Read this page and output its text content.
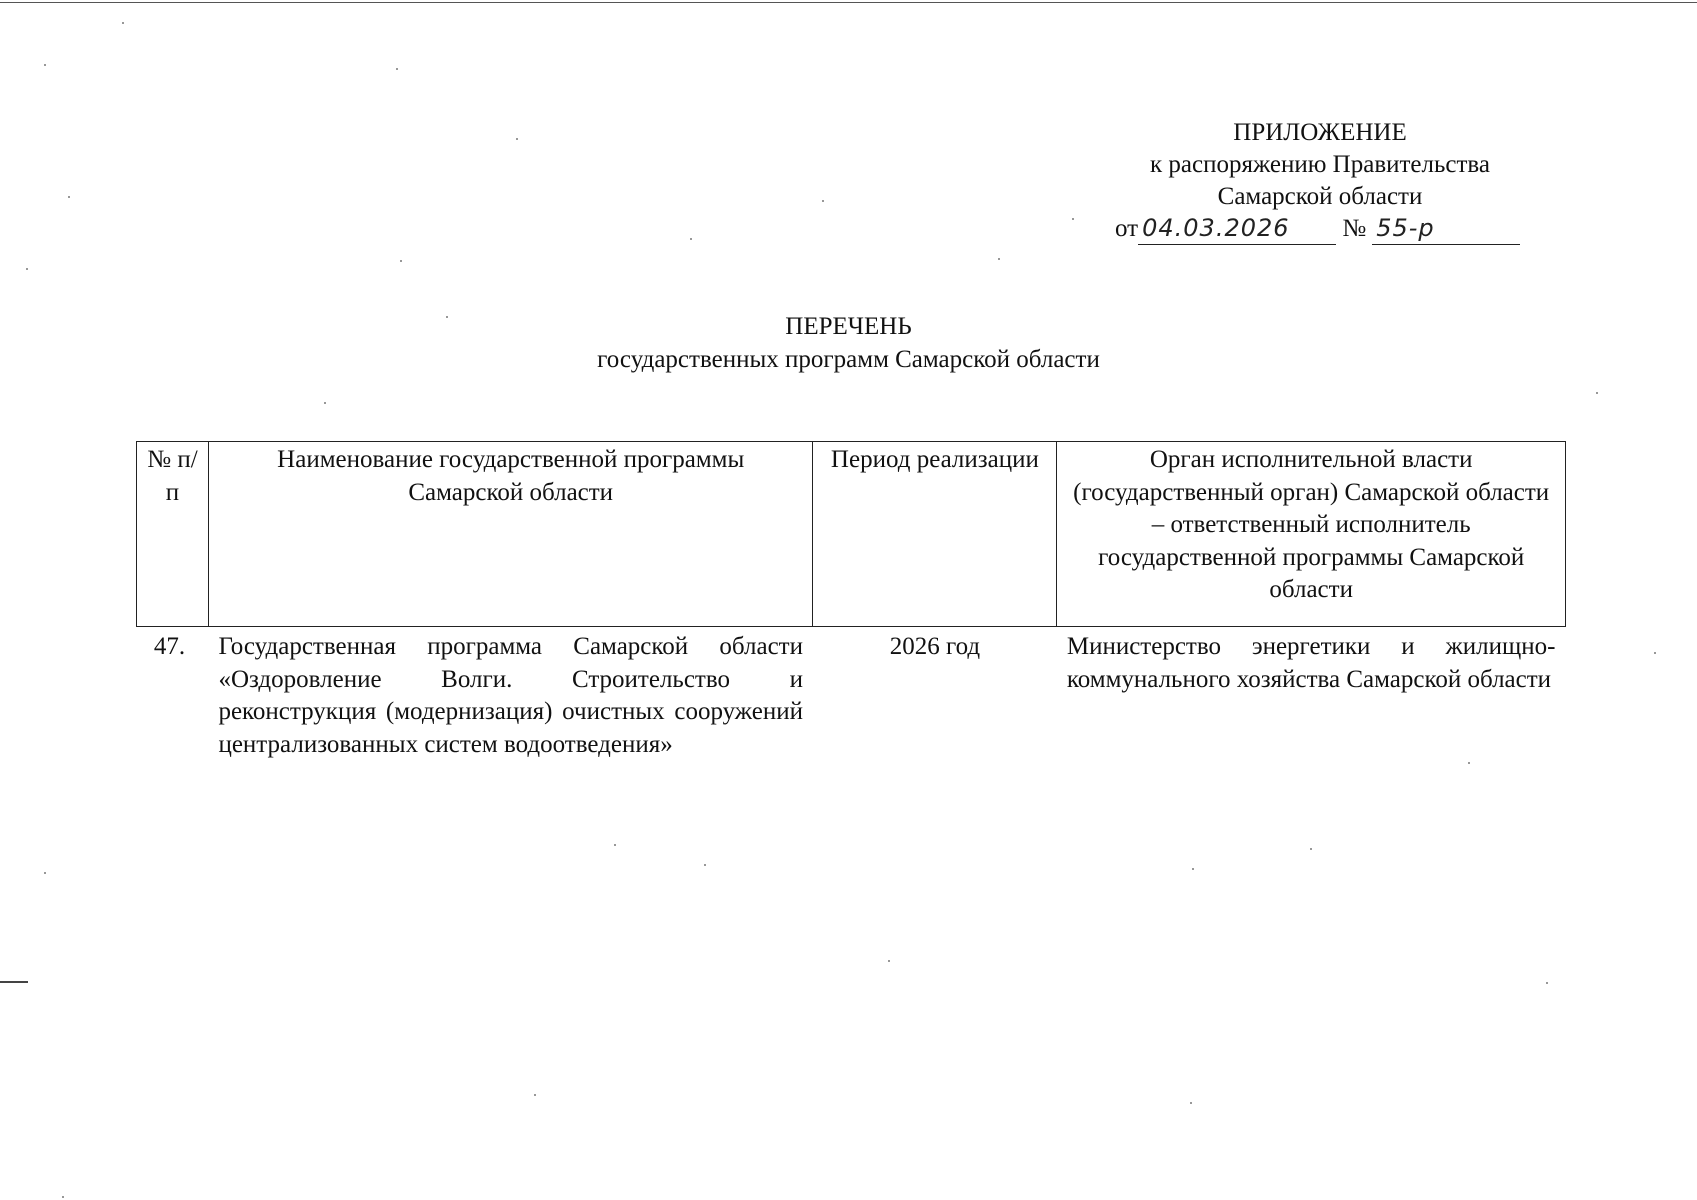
ПРИЛОЖЕНИЕ
к распоряжению Правительства
Самарской области
от 04.03.2026 № 55-р
ПЕРЕЧЕНЬ
государственных программ Самарской области
№ п/п	Наименование государственной программы Самарской области	Период реализации	Орган исполнительной власти (государственный орган) Самарской области – ответственный исполнитель государственной программы Самарской области
47.	Государственная программа Самарской области «Оздоровление Волги. Строительство и реконструкция (модернизация) очистных сооружений централизованных систем водоотведения»	2026 год	Министерство энергетики и жилищно-коммунального хозяйства Самарской области
